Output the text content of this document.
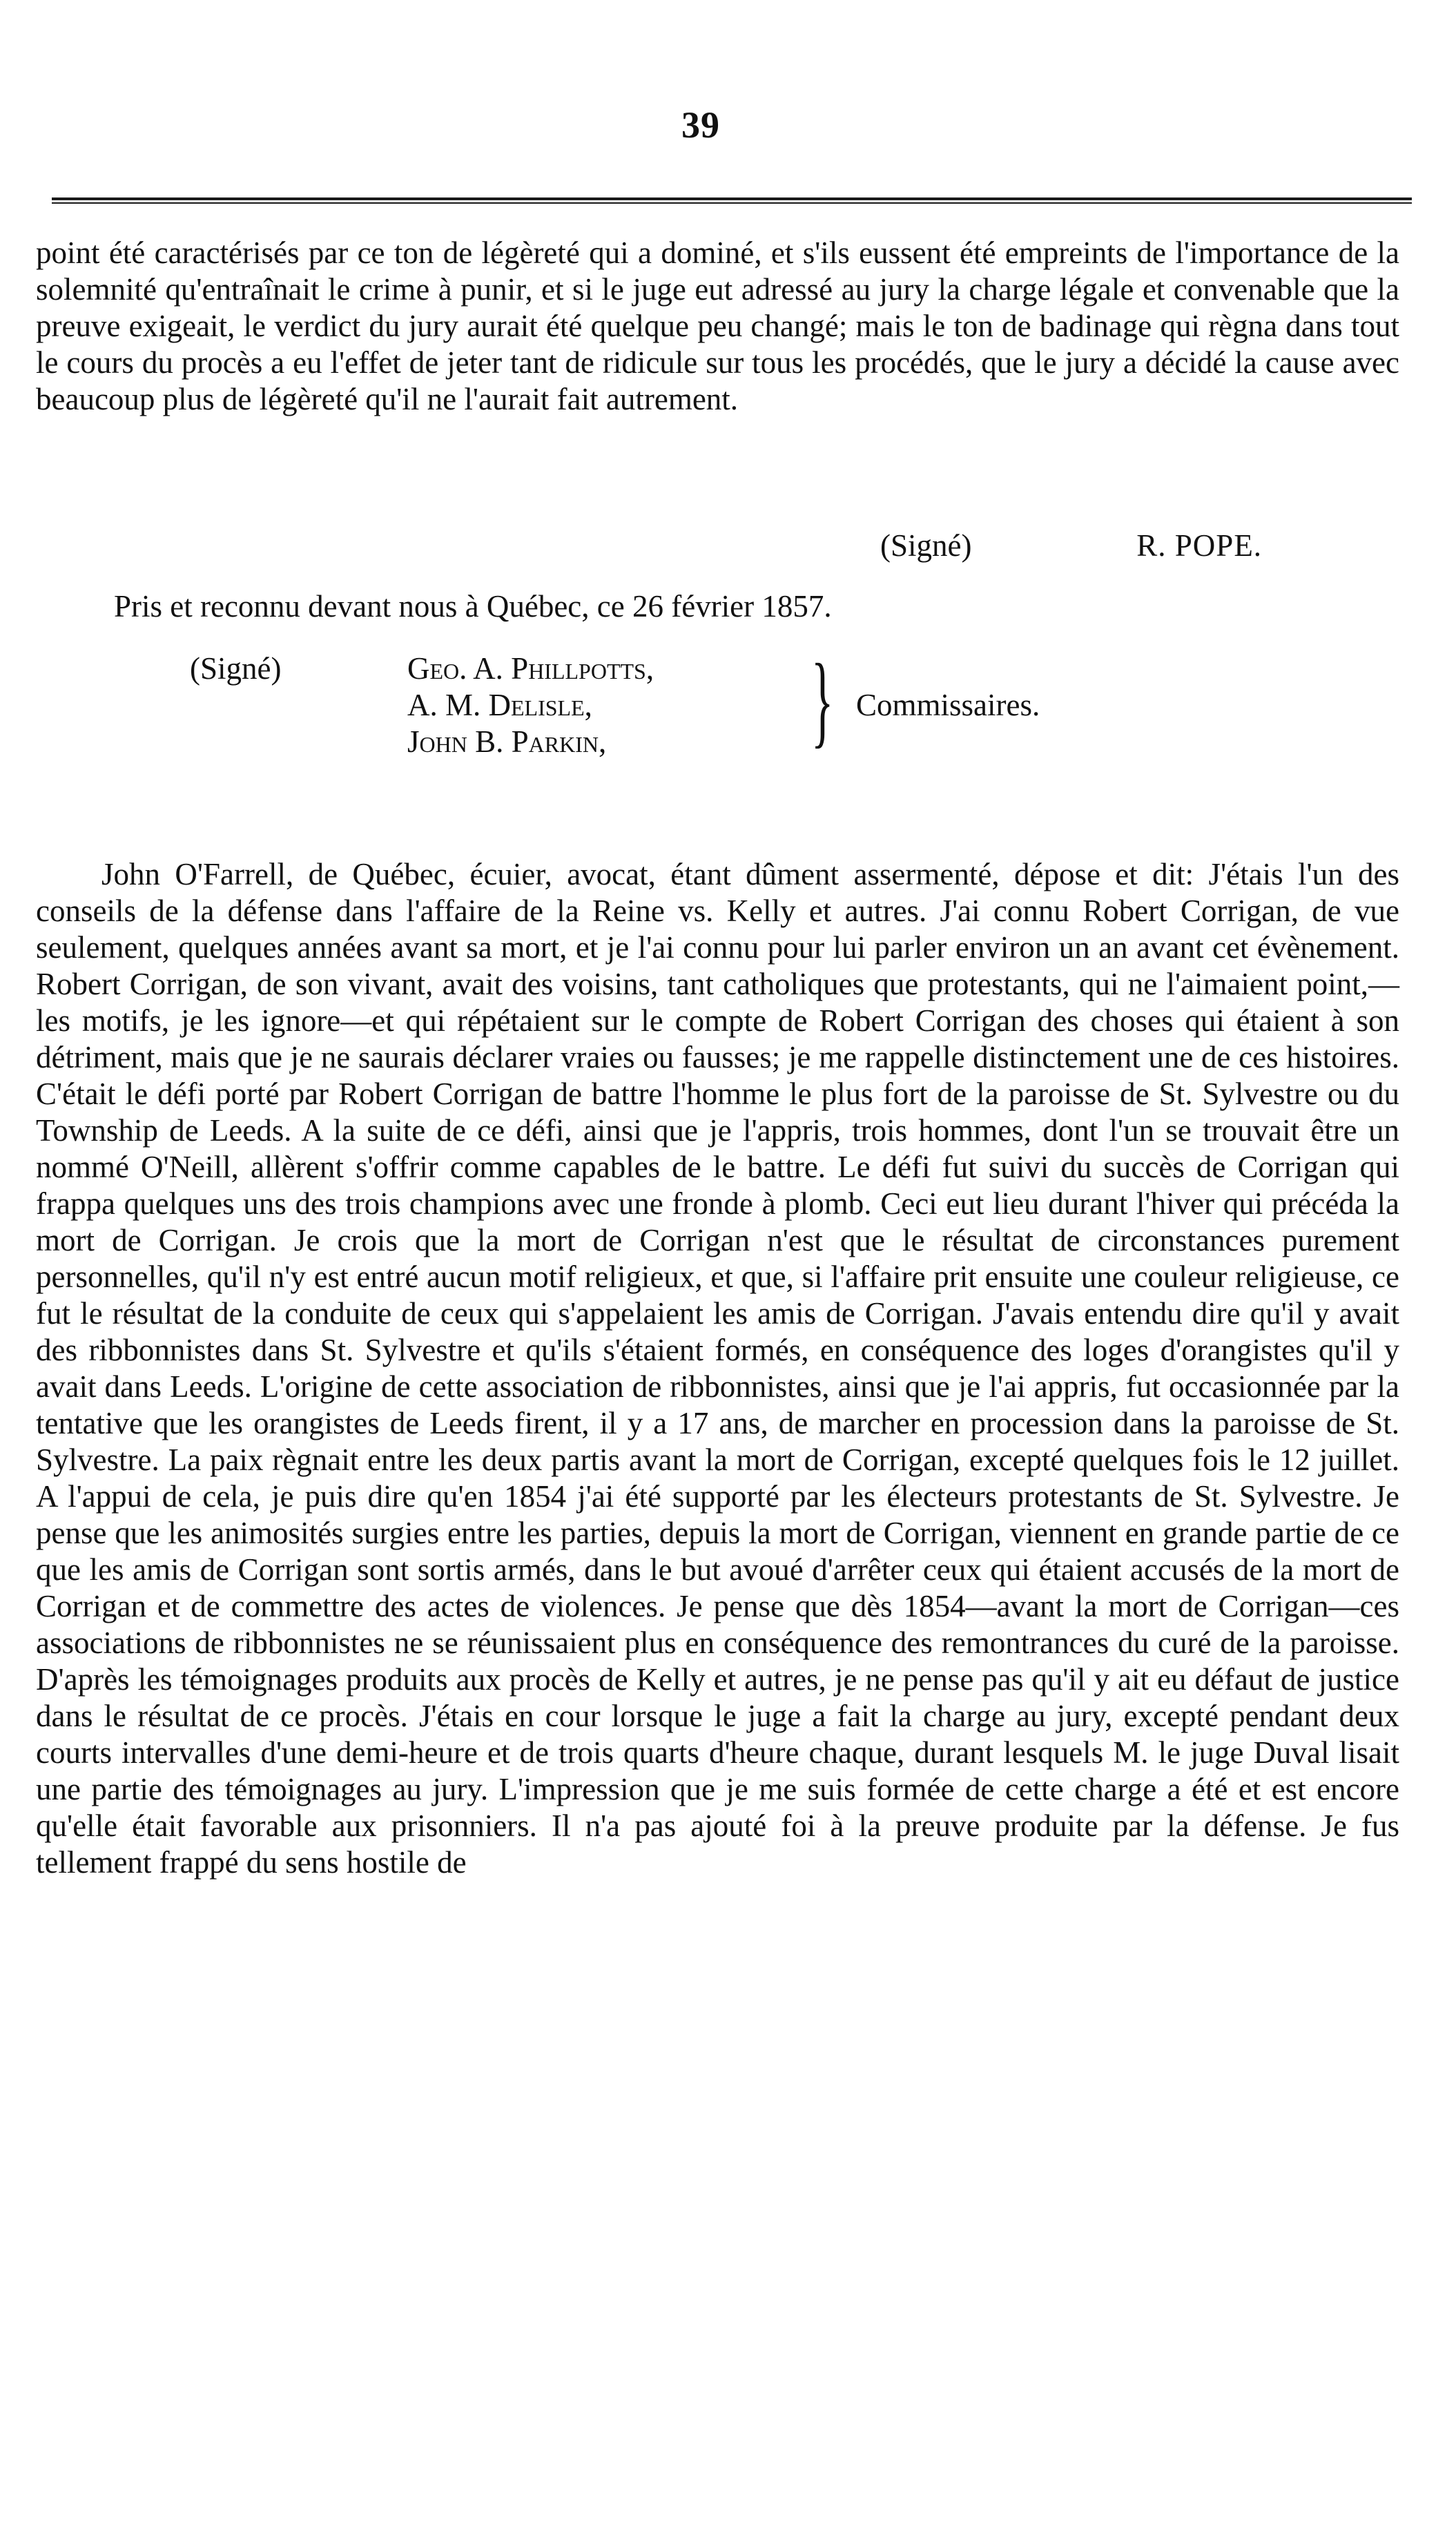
39

point été caractérisés par ce ton de légèreté qui a dominé, et s'ils eussent été empreints de l'importance de la solemnité qu'entraînait le crime à punir, et si le juge eut adressé au jury la charge légale et convenable que la preuve exigeait, le verdict du jury aurait été quelque peu changé; mais le ton de badinage qui règna dans tout le cours du procès a eu l'effet de jeter tant de ridicule sur tous les procédés, que le jury a décidé la cause avec beaucoup plus de légèreté qu'il ne l'aurait fait autrement.

(Signé)	R. POPE.
Pris et reconnu devant nous à Québec, ce 26 février 1857.
(Signé)	Geo. A. Phillpotts,
A. M. Delisle,
John B. Parkin,	} Commissaires.

John O'Farrell, de Québec, écuier, avocat, étant dûment assermenté, dépose et dit: J'étais l'un des conseils de la défense dans l'affaire de la Reine vs. Kelly et autres. J'ai connu Robert Corrigan, de vue seulement, quelques années avant sa mort, et je l'ai connu pour lui parler environ un an avant cet évènement. Robert Corrigan, de son vivant, avait des voisins, tant catholiques que protestants, qui ne l'aimaient point,—les motifs, je les ignore—et qui répétaient sur le compte de Robert Corrigan des choses qui étaient à son détriment, mais que je ne saurais déclarer vraies ou fausses; je me rappelle distinctement une de ces histoires. C'était le défi porté par Robert Corrigan de battre l'homme le plus fort de la paroisse de St. Sylvestre ou du Township de Leeds. A la suite de ce défi, ainsi que je l'appris, trois hommes, dont l'un se trouvait être un nommé O'Neill, allèrent s'offrir comme capables de le battre. Le défi fut suivi du succès de Corrigan qui frappa quelques uns des trois champions avec une fronde à plomb. Ceci eut lieu durant l'hiver qui précéda la mort de Corrigan. Je crois que la mort de Corrigan n'est que le résultat de circonstances purement personnelles, qu'il n'y est entré aucun motif religieux, et que, si l'affaire prit ensuite une couleur religieuse, ce fut le résultat de la conduite de ceux qui s'appelaient les amis de Corrigan. J'avais entendu dire qu'il y avait des ribbonnistes dans St. Sylvestre et qu'ils s'étaient formés, en conséquence des loges d'orangistes qu'il y avait dans Leeds. L'origine de cette association de ribbonnistes, ainsi que je l'ai appris, fut occasionnée par la tentative que les orangistes de Leeds firent, il y a 17 ans, de marcher en procession dans la paroisse de St. Sylvestre. La paix règnait entre les deux partis avant la mort de Corrigan, excepté quelques fois le 12 juillet. A l'appui de cela, je puis dire qu'en 1854 j'ai été supporté par les électeurs protestants de St. Sylvestre. Je pense que les animosités surgies entre les parties, depuis la mort de Corrigan, viennent en grande partie de ce que les amis de Corrigan sont sortis armés, dans le but avoué d'arrêter ceux qui étaient accusés de la mort de Corrigan et de commettre des actes de violences. Je pense que dès 1854—avant la mort de Corrigan—ces associations de ribbonnistes ne se réunissaient plus en conséquence des remontrances du curé de la paroisse. D'après les témoignages produits aux procès de Kelly et autres, je ne pense pas qu'il y ait eu défaut de justice dans le résultat de ce procès. J'étais en cour lorsque le juge a fait la charge au jury, excepté pendant deux courts intervalles d'une demi-heure et de trois quarts d'heure chaque, durant lesquels M. le juge Duval lisait une partie des témoignages au jury. L'impression que je me suis formée de cette charge a été et est encore qu'elle était favorable aux prisonniers. Il n'a pas ajouté foi à la preuve produite par la défense. Je fus tellement frappé du sens hostile de
